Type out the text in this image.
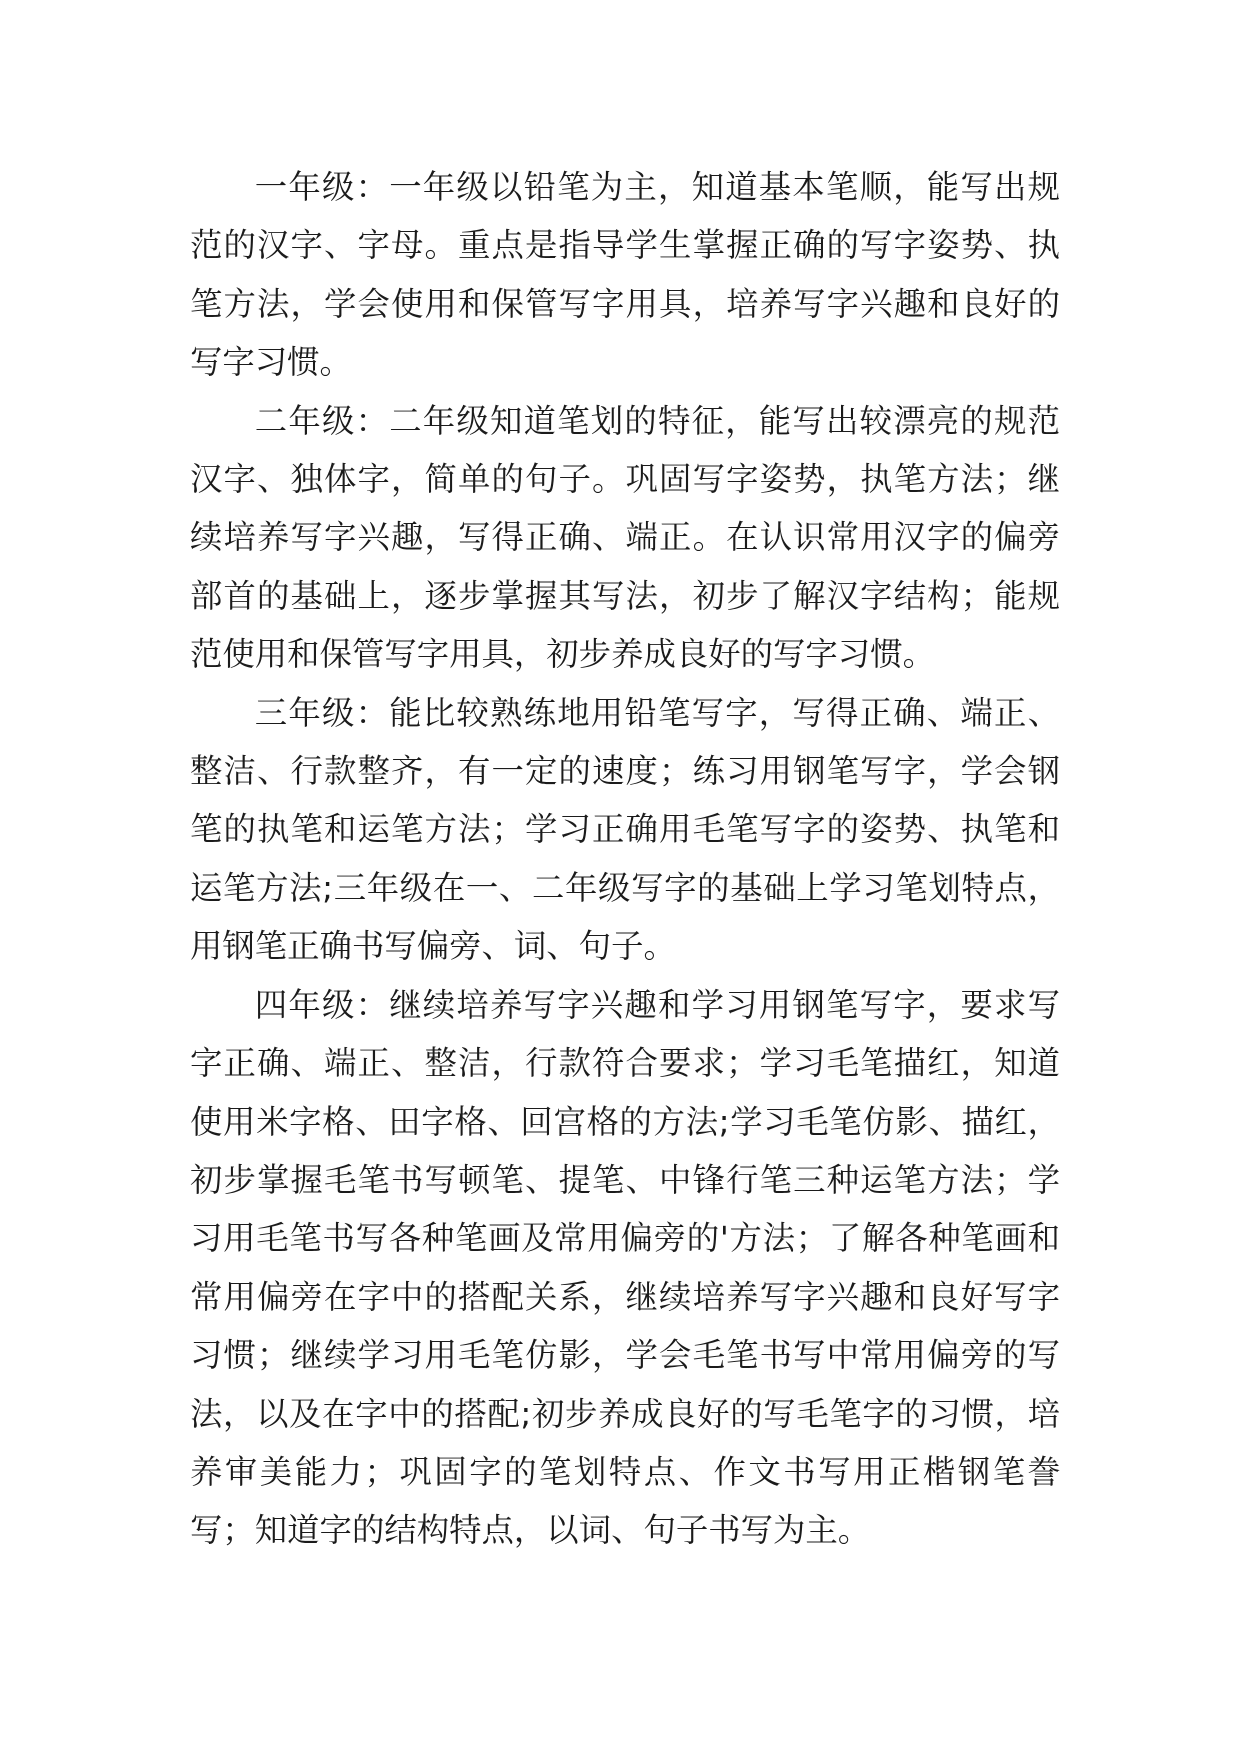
一年级：一年级以铅笔为主，知道基本笔顺，能写出规范的汉字、字母。重点是指导学生掌握正确的写字姿势、执笔方法，学会使用和保管写字用具，培养写字兴趣和良好的写字习惯。

二年级：二年级知道笔划的特征，能写出较漂亮的规范汉字、独体字，简单的句子。巩固写字姿势，执笔方法；继续培养写字兴趣，写得正确、端正。在认识常用汉字的偏旁部首的基础上，逐步掌握其写法，初步了解汉字结构；能规范使用和保管写字用具，初步养成良好的写字习惯。

三年级：能比较熟练地用铅笔写字，写得正确、端正、整洁、行款整齐，有一定的速度；练习用钢笔写字，学会钢笔的执笔和运笔方法；学习正确用毛笔写字的姿势、执笔和运笔方法;三年级在一、二年级写字的基础上学习笔划特点，用钢笔正确书写偏旁、词、句子。

四年级：继续培养写字兴趣和学习用钢笔写字，要求写字正确、端正、整洁，行款符合要求；学习毛笔描红，知道使用米字格、田字格、回宫格的方法;学习毛笔仿影、描红，初步掌握毛笔书写顿笔、提笔、中锋行笔三种运笔方法；学习用毛笔书写各种笔画及常用偏旁的'方法；了解各种笔画和常用偏旁在字中的搭配关系，继续培养写字兴趣和良好写字习惯；继续学习用毛笔仿影，学会毛笔书写中常用偏旁的写法，以及在字中的搭配;初步养成良好的写毛笔字的习惯，培养审美能力；巩固字的笔划特点、作文书写用正楷钢笔誊写；知道字的结构特点，以词、句子书写为主。
